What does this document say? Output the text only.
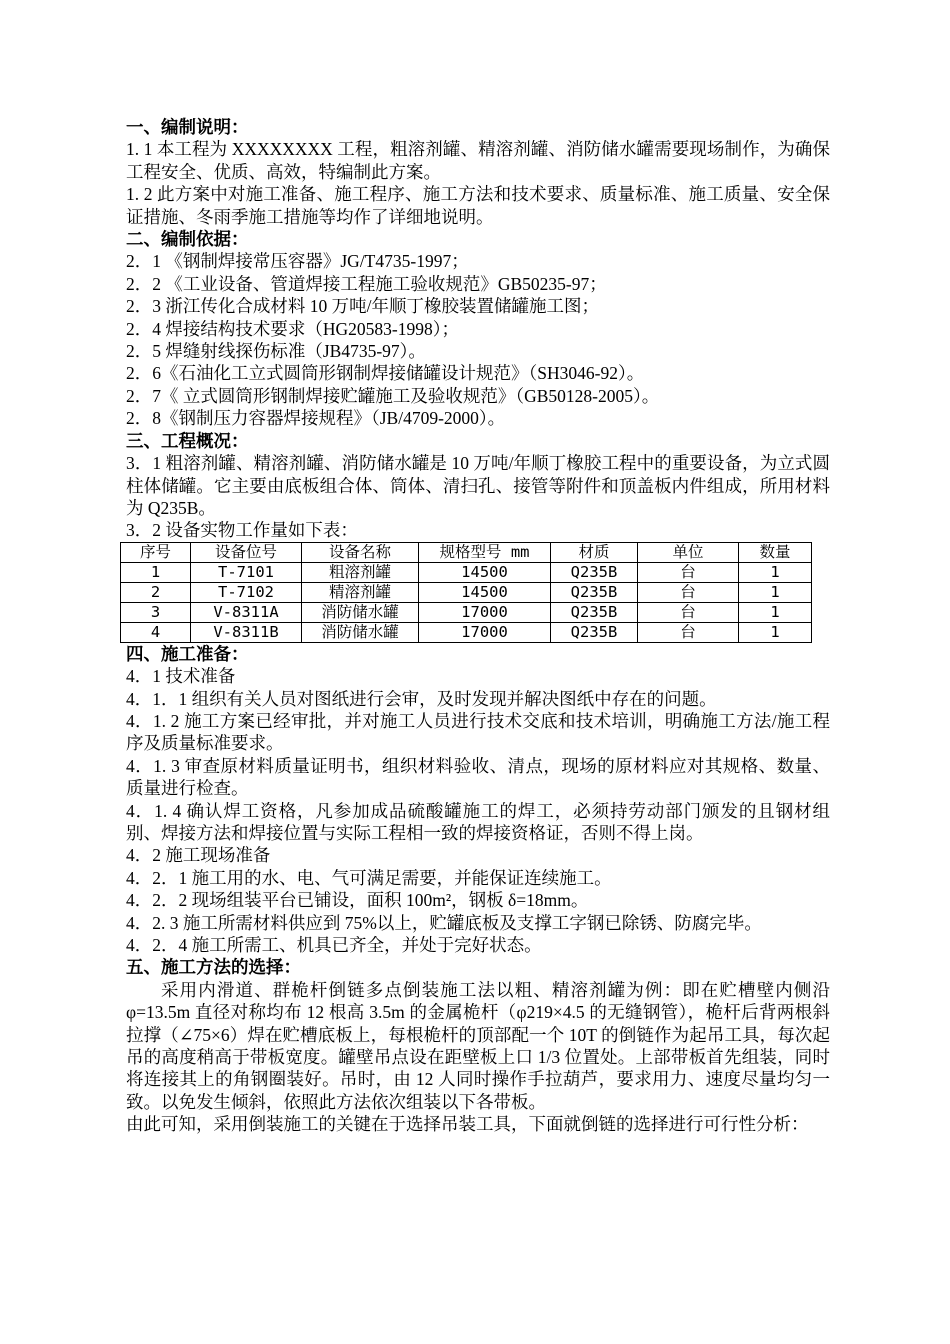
一、编制说明：

1. 1 本工程为 XXXXXXXX 工程，粗溶剂罐、精溶剂罐、消防储水罐需要现场制作，为确保工程安全、优质、高效，特编制此方案。

1. 2 此方案中对施工准备、施工程序、施工方法和技术要求、质量标准、施工质量、安全保证措施、冬雨季施工措施等均作了详细地说明。

二、编制依据：

2．1 《钢制焊接常压容器》JG/T4735-1997；

2．2 《工业设备、管道焊接工程施工验收规范》GB50235-97；

2．3 浙江传化合成材料 10 万吨/年顺丁橡胶装置储罐施工图；

2．4 焊接结构技术要求（HG20583-1998）；

2．5 焊缝射线探伤标准（JB4735-97）。

2．6《石油化工立式圆筒形钢制焊接储罐设计规范》（SH3046-92）。

2．7《 立式圆筒形钢制焊接贮罐施工及验收规范》（GB50128-2005）。

2．8《钢制压力容器焊接规程》（JB/4709-2000）。

三、工程概况：

3．1 粗溶剂罐、精溶剂罐、消防储水罐是 10 万吨/年顺丁橡胶工程中的重要设备，为立式圆柱体储罐。它主要由底板组合体、筒体、清扫孔、接管等附件和顶盖板内件组成，所用材料为 Q235B。

3．2 设备实物工作量如下表：

序号	设备位号	设备名称	规格型号 mm	材质	单位	数量
1	T-7101	粗溶剂罐	14500	Q235B	台	1
2	T-7102	精溶剂罐	14500	Q235B	台	1
3	V-8311A	消防储水罐	17000	Q235B	台	1
4	V-8311B	消防储水罐	17000	Q235B	台	1

四、施工准备：

4．1 技术准备

4．1．1 组织有关人员对图纸进行会审，及时发现并解决图纸中存在的问题。

4．1. 2 施工方案已经审批，并对施工人员进行技术交底和技术培训，明确施工方法/施工程序及质量标准要求。

4．1. 3 审查原材料质量证明书，组织材料验收、清点，现场的原材料应对其规格、数量、质量进行检查。

4．1. 4 确认焊工资格，凡参加成品硫酸罐施工的焊工，必须持劳动部门颁发的且钢材组别、焊接方法和焊接位置与实际工程相一致的焊接资格证，否则不得上岗。

4．2 施工现场准备

4．2．1 施工用的水、电、气可满足需要，并能保证连续施工。

4．2．2 现场组装平台已铺设，面积 100m²，钢板 δ=18mm。

4．2. 3 施工所需材料供应到 75%以上，贮罐底板及支撑工字钢已除锈、防腐完毕。

4．2．4 施工所需工、机具已齐全，并处于完好状态。

五、施工方法的选择：

采用内滑道、群桅杆倒链多点倒装施工法以粗、精溶剂罐为例：即在贮槽壁内侧沿 φ=13.5m 直径对称均布 12 根高 3.5m 的金属桅杆（φ219×4.5 的无缝钢管），桅杆后背两根斜拉撑（∠75×6）焊在贮槽底板上，每根桅杆的顶部配一个 10T 的倒链作为起吊工具，每次起吊的高度稍高于带板宽度。罐壁吊点设在距壁板上口 1/3 位置处。上部带板首先组装，同时将连接其上的角钢圈装好。吊时，由 12 人同时操作手拉葫芦，要求用力、速度尽量均匀一致。以免发生倾斜，依照此方法依次组装以下各带板。

由此可知，采用倒装施工的关键在于选择吊装工具，下面就倒链的选择进行可行性分析：
